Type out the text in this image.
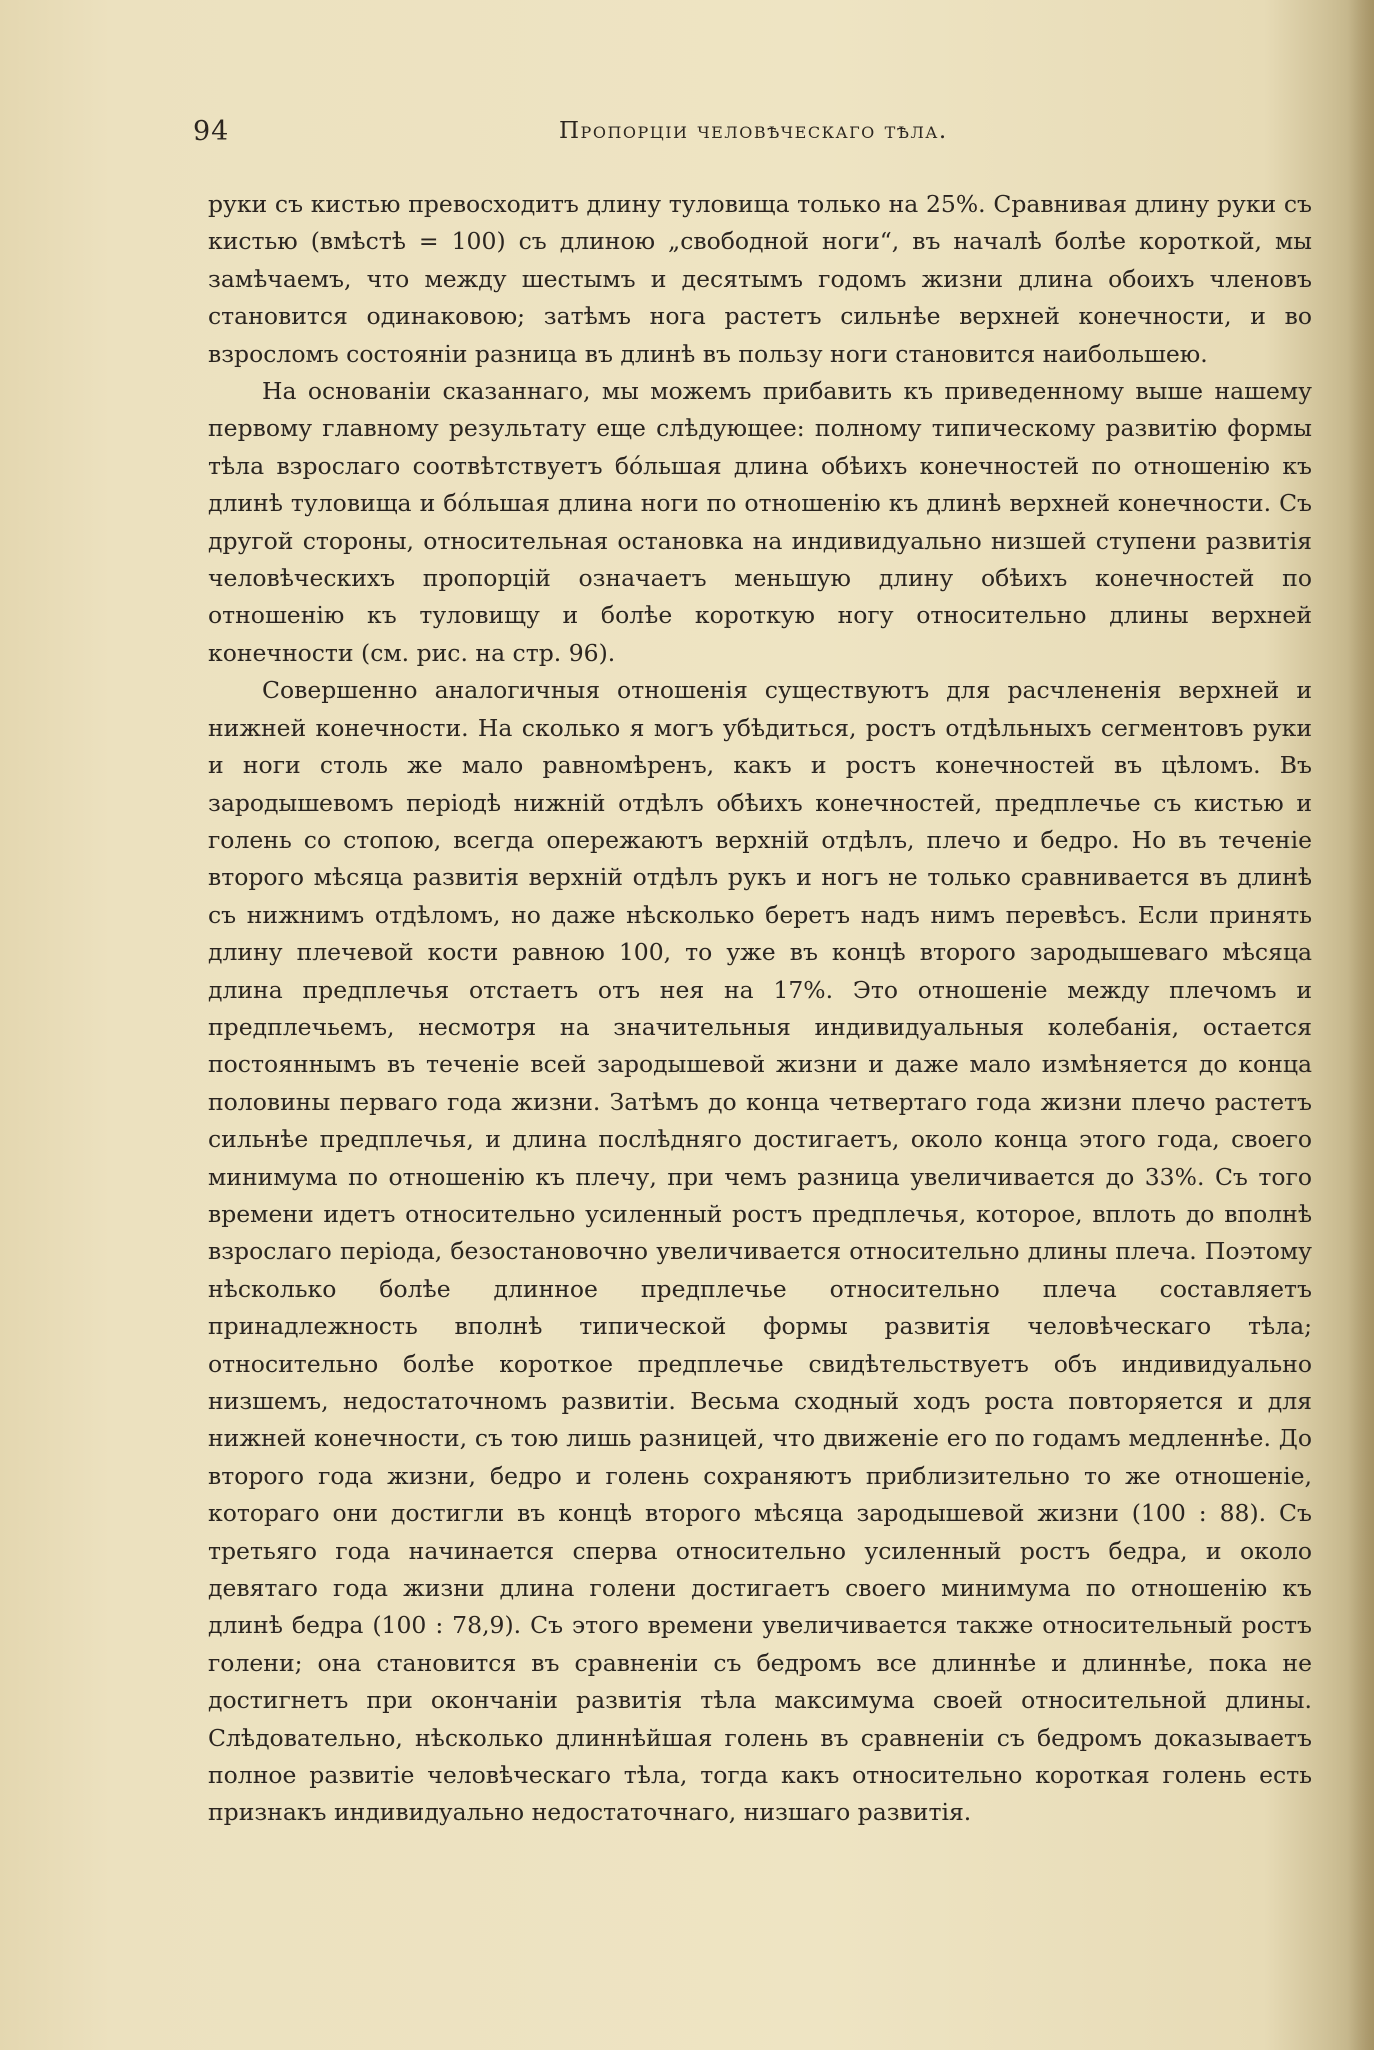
94	Пропорціи человѣческаго тѣла.

руки съ кистью превосходитъ длину туловища только на 25%. Сравнивая длину руки съ кистью (вмѣстѣ = 100) съ длиною „свободной ноги“, въ началѣ болѣе короткой, мы замѣчаемъ, что между шестымъ и десятымъ годомъ жизни длина обоихъ членовъ становится одинаковою; затѣмъ нога растетъ сильнѣе верхней конечности, и во взросломъ состояніи разница въ длинѣ въ пользу ноги становится наибольшею.

На основаніи сказаннаго, мы можемъ прибавить къ приведенному выше нашему первому главному результату еще слѣдующее: полному типическому развитію формы тѣла взрослаго соотвѣтствуетъ бо́льшая длина обѣихъ конечностей по отношенію къ длинѣ туловища и бо́льшая длина ноги по отношенію къ длинѣ верхней конечности. Съ другой стороны, относительная остановка на индивидуально низшей ступени развитія человѣческихъ пропорцій означаетъ меньшую длину обѣихъ конечностей по отношенію къ туловищу и болѣе короткую ногу относительно длины верхней конечности (см. рис. на стр. 96).

Совершенно аналогичныя отношенія существуютъ для расчлененія верхней и нижней конечности. На сколько я могъ убѣдиться, ростъ отдѣльныхъ сегментовъ руки и ноги столь же мало равномѣренъ, какъ и ростъ конечностей въ цѣломъ. Въ зародышевомъ періодѣ нижній отдѣлъ обѣихъ конечностей, предплечье съ кистью и голень со стопою, всегда опережаютъ верхній отдѣлъ, плечо и бедро. Но въ теченіе второго мѣсяца развитія верхній отдѣлъ рукъ и ногъ не только сравнивается въ длинѣ съ нижнимъ отдѣломъ, но даже нѣсколько беретъ надъ нимъ перевѣсъ. Если принять длину плечевой кости равною 100, то уже въ концѣ второго зародышеваго мѣсяца длина предплечья отстаетъ отъ нея на 17%. Это отношеніе между плечомъ и предплечьемъ, несмотря на значительныя индивидуальныя колебанія, остается постояннымъ въ теченіе всей зародышевой жизни и даже мало измѣняется до конца половины перваго года жизни. Затѣмъ до конца четвертаго года жизни плечо растетъ сильнѣе предплечья, и длина послѣдняго достигаетъ, около конца этого года, своего минимума по отношенію къ плечу, при чемъ разница увеличивается до 33%. Съ того времени идетъ относительно усиленный ростъ предплечья, которое, вплоть до вполнѣ взрослаго періода, безостановочно увеличивается относительно длины плеча. Поэтому нѣсколько болѣе длинное предплечье относительно плеча составляетъ принадлежность вполнѣ типической формы развитія человѣческаго тѣла; относительно болѣе короткое предплечье свидѣтельствуетъ объ индивидуально низшемъ, недостаточномъ развитіи. Весьма сходный ходъ роста повторяется и для нижней конечности, съ тою лишь разницей, что движеніе его по годамъ медленнѣе. До второго года жизни, бедро и голень сохраняютъ приблизительно то же отношеніе, котораго они достигли въ концѣ второго мѣсяца зародышевой жизни (100 : 88). Съ третьяго года начинается сперва относительно усиленный ростъ бедра, и около девятаго года жизни длина голени достигаетъ своего минимума по отношенію къ длинѣ бедра (100 : 78,9). Съ этого времени увеличивается также относительный ростъ голени; она становится въ сравненіи съ бедромъ все длиннѣе и длиннѣе, пока не достигнетъ при окончаніи развитія тѣла максимума своей относительной длины. Слѣдовательно, нѣсколько длиннѣйшая голень въ сравненіи съ бедромъ доказываетъ полное развитіе человѣческаго тѣла, тогда какъ относительно короткая голень есть признакъ индивидуально недостаточнаго, низшаго развитія.
